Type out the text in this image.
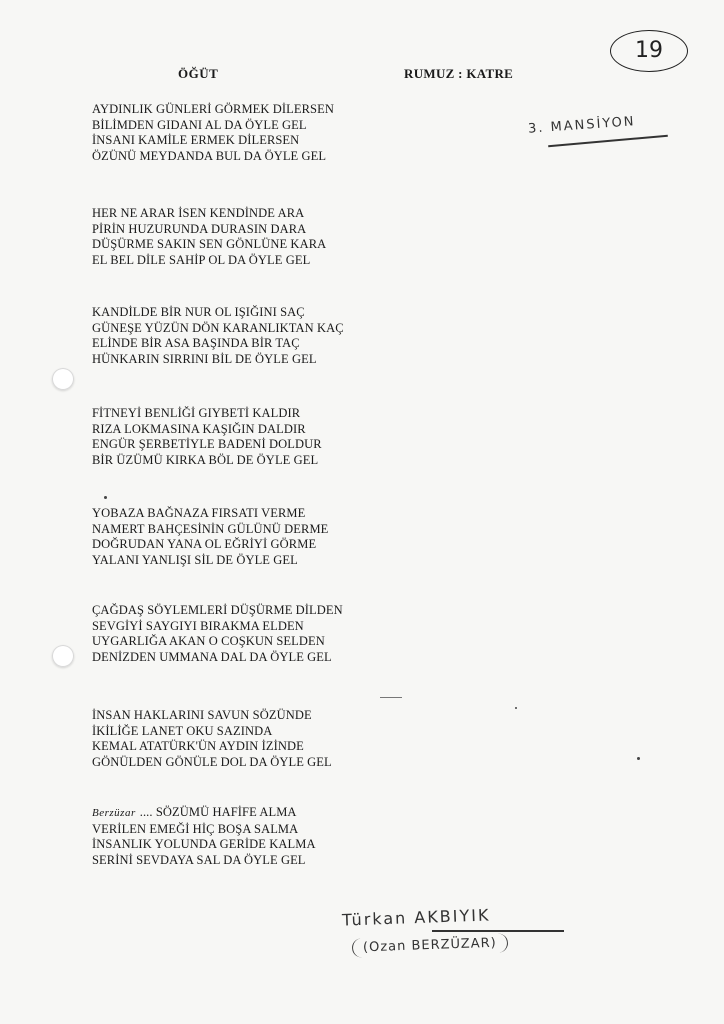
19
ÖĞÜT	RUMUZ : KATRE
3. MANSİYON
AYDINLIK GÜNLERİ GÖRMEK DİLERSEN
BİLİMDEN GIDANI AL DA ÖYLE GEL
İNSANI KAMİLE ERMEK DİLERSEN
ÖZÜNÜ MEYDANDA BUL DA ÖYLE GEL
HER NE ARAR İSEN KENDİNDE ARA
PİRİN HUZURUNDA DURASIN DARA
DÜŞÜRME SAKIN SEN GÖNLÜNE KARA
EL BEL DİLE SAHİP OL DA ÖYLE GEL
KANDİLDE BİR NUR OL IŞIĞINI SAÇ
GÜNEŞE YÜZÜN DÖN KARANLIKTAN KAÇ
ELİNDE BİR ASA BAŞINDA BİR TAÇ
HÜNKARIN SIRRINI BİL DE ÖYLE GEL
FİTNEYİ BENLİĞİ GIYBETİ KALDIR
RIZA LOKMASINA KAŞIĞIN DALDIR
ENGÜR ŞERBETİYLE BADENİ DOLDUR
BİR ÜZÜMÜ KIRKA BÖL DE ÖYLE GEL
YOBAZA BAĞNAZA FIRSATI VERME
NAMERT BAHÇESİNİN GÜLÜNÜ DERME
DOĞRUDAN YANA OL EĞRİYİ GÖRME
YALANI YANLIŞI SİL DE ÖYLE GEL
ÇAĞDAŞ SÖYLEMLERİ DÜŞÜRME DİLDEN
SEVGİYİ SAYGIYI BIRAKMA ELDEN
UYGARLIĞA AKAN O COŞKUN SELDEN
DENİZDEN UMMANA DAL DA ÖYLE GEL
İNSAN HAKLARINI SAVUN SÖZÜNDE
İKİLİĞE LANET OKU SAZINDA
KEMAL ATATÜRK'ÜN AYDIN İZİNDE
GÖNÜLDEN GÖNÜLE DOL DA ÖYLE GEL
Berzüzar .... SÖZÜMÜ HAFİFE ALMA
VERİLEN EMEĞİ HİÇ BOŞA SALMA
İNSANLIK YOLUNDA GERİDE KALMA
SERİNİ SEVDAYA SAL DA ÖYLE GEL
Türkan AKBIYIK
(Ozan BERZÜZAR)
